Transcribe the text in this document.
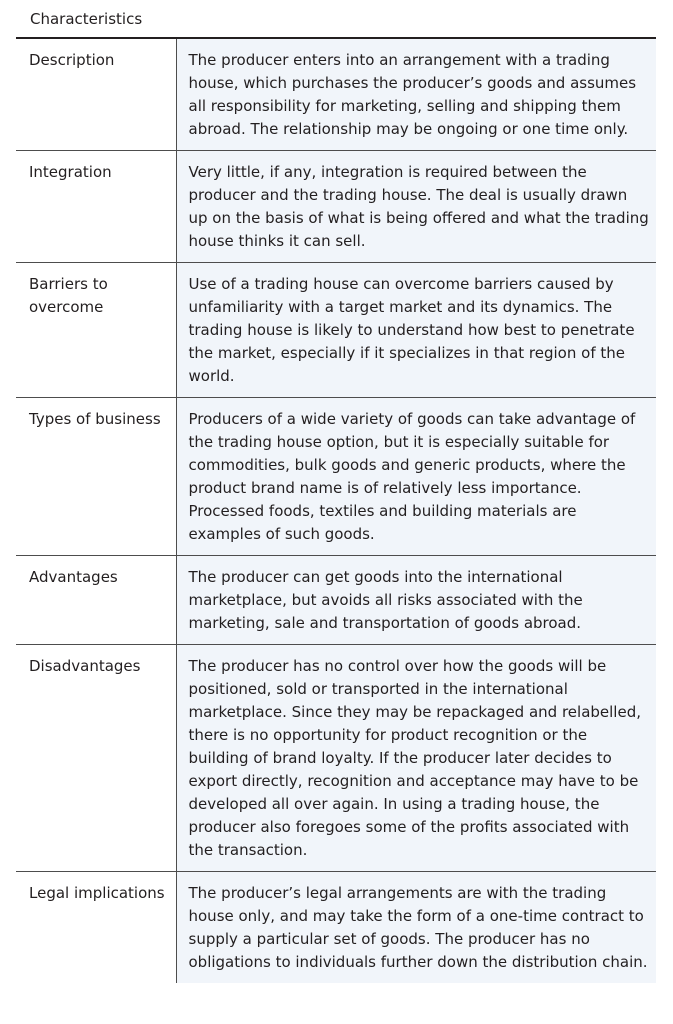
Characteristics
Description	The producer enters into an arrangement with a trading house, which purchases the producer’s goods and assumes all responsibility for marketing, selling and shipping them abroad. The relationship may be ongoing or one time only.
Integration	Very little, if any, integration is required between the producer and the trading house. The deal is usually drawn up on the basis of what is being offered and what the trading house thinks it can sell.
Barriers to overcome	Use of a trading house can overcome barriers caused by unfamiliarity with a target market and its dynamics. The trading house is likely to understand how best to penetrate the market, especially if it specializes in that region of the world.
Types of business	Producers of a wide variety of goods can take advantage of the trading house option, but it is especially suitable for commodities, bulk goods and generic products, where the product brand name is of relatively less importance. Processed foods, textiles and building materials are examples of such goods.
Advantages	The producer can get goods into the international marketplace, but avoids all risks associated with the marketing, sale and transportation of goods abroad.
Disadvantages	The producer has no control over how the goods will be positioned, sold or transported in the international marketplace. Since they may be repackaged and relabelled, there is no opportunity for product recognition or the building of brand loyalty. If the producer later decides to export directly, recognition and acceptance may have to be developed all over again. In using a trading house, the producer also foregoes some of the profits associated with the transaction.
Legal implications	The producer’s legal arrangements are with the trading house only, and may take the form of a one-time contract to supply a particular set of goods. The producer has no obligations to individuals further down the distribution chain.
